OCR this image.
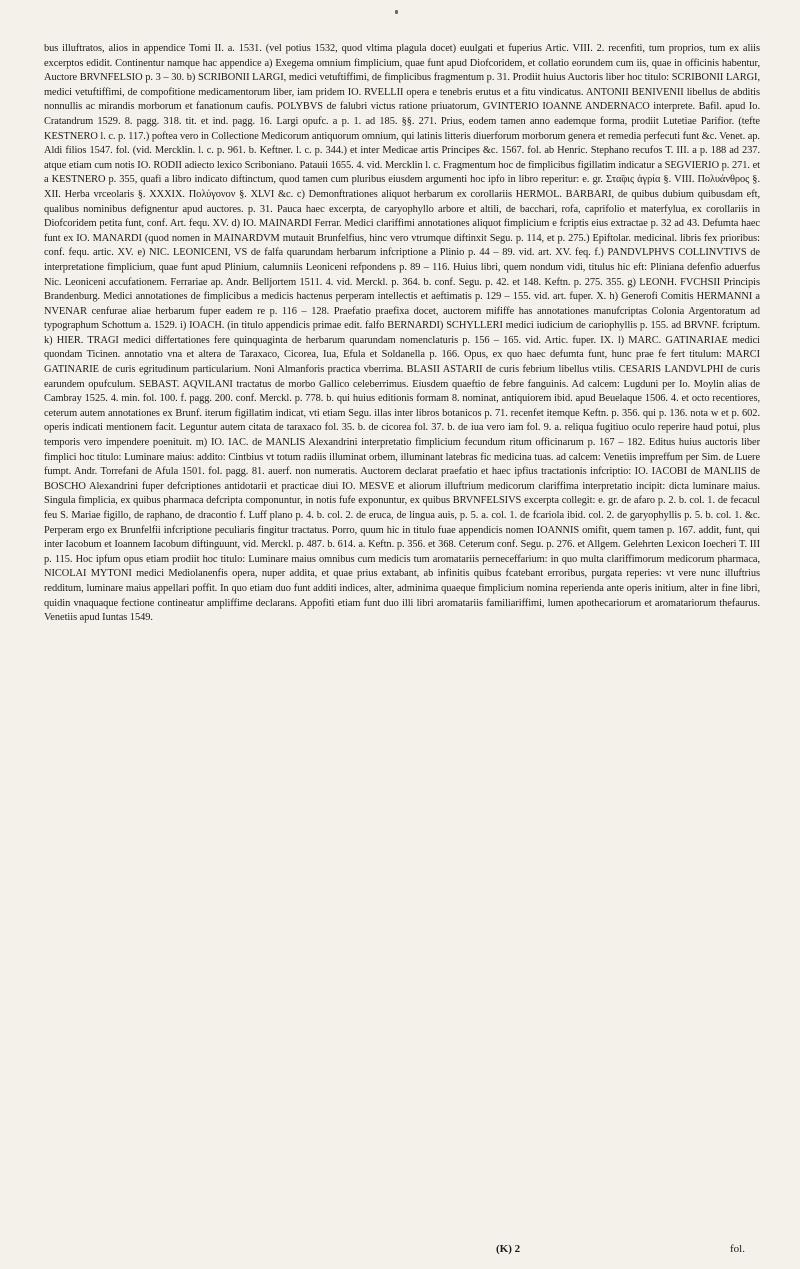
bus illuftratos, alios in appendice Tomi II. a. 1531. (vel potius 1532, quod vltima plagula docet) euulgati et fuperius Artic. VIII. 2. recenfiti, tum proprios, tum ex aliis excerptos edidit. Continentur namque hac appendice a) Exegema omnium fimplicium, quae funt apud Diofcoridem, et collatio eorundem cum iis, quae in officinis habentur, Auctore BRVNFELSIO p. 3 – 30. b) SCRIBONII LARGI, medici vetuftiffimi, de fimplicibus fragmentum p. 31. Prodiit huius Auctoris liber hoc titulo: SCRIBONII LARGI, medici vetuftiffimi, de compofitione medicamentorum liber, iam pridem IO. RVELLII opera e tenebris erutus et a fitu vindicatus. ANTONII BENIVENII libellus de abditis nonnullis ac mirandis morborum et fanationum caufis. POLYBVS de falubri victus ratione priuatorum, GVINTERIO IOANNE ANDERNACO interprete. Bafil. apud Io. Cratandrum 1529. 8. pagg. 318. tit. et ind. pagg. 16. Largi opufc. a p. 1. ad 185. §§. 271. Prius, eodem tamen anno eademque forma, prodiit Lutetiae Parifior. (tefte KESTNERO l. c. p. 117.) poftea vero in Collectione Medicorum antiquorum omnium, qui latinis litteris diuerforum morborum genera et remedia perfecuti funt &c. Venet. ap. Aldi filios 1547. fol. (vid. Mercklin. l. c. p. 961. b. Keftner. l. c. p. 344.) et inter Medicae artis Principes &c. 1567. fol. ab Henric. Stephano recufos T. III. a p. 188 ad 237. atque etiam cum notis IO. RODII adiecto lexico Scriboniano. Patauii 1655. 4. vid. Mercklin l. c. Fragmentum hoc de fimplicibus figillatim indicatur a SEGVIERIO p. 271. et a KESTNERO p. 355, quafi a libro indicato diftinctum, quod tamen cum pluribus eiusdem argumenti hoc ipfo in libro reperitur: e. gr. Στα̃φις ἀγρία §. VIII. Πολυάνθρος §. XII. Herba vrceolaris §. XXXIX. Πολύγονον §. XLVI &c. c) Demonftrationes aliquot herbarum ex corollariis HERMOL. BARBARI, de quibus dubium quibusdam eft, qualibus nominibus defignentur apud auctores. p. 31. Pauca haec excerpta, de caryophyllo arbore et altili, de bacchari, rofa, caprifolio et materfylua, ex corollariis in Diofcoridem petita funt, conf. Art. fequ. XV. d) IO. MAINARDI Ferrar. Medici clariffimi annotationes aliquot fimplicium e fcriptis eius extractae p. 32 ad 43. Defumta haec funt ex IO. MANARDI (quod nomen in MAINARDVM mutauit Brunfelfius, hinc vero vtrumque diftinxit Segu. p. 114, et p. 275.) Epiftolar. medicinal. libris fex prioribus: conf. fequ. artic. XV. e) NIC. LEONICENI, VS de falfa quarundam herbarum infcriptione a Plinio p. 44 – 89. vid. art. XV. feq. f.) PANDVLPHVS COLLINVTIVS de interpretatione fimplicium, quae funt apud Plinium, calumniis Leoniceni refpondens p. 89 – 116. Huius libri, quem nondum vidi, titulus hic eft: Pliniana defenfio aduerfus Nic. Leoniceni accufationem. Ferrariae ap. Andr. Belljortem 1511. 4. vid. Merckl. p. 364. b. conf. Segu. p. 42. et 148. Keftn. p. 275. 355. g) LEONH. FVCHSII Principis Brandenburg. Medici annotationes de fimplicibus a medicis hactenus perperam intellectis et aeftimatis p. 129 – 155. vid. art. fuper. X. h) Generofi Comitis HERMANNI a NVENAR cenfurae aliae herbarum fuper eadem re p. 116 – 128. Praefatio praefixa docet, auctorem mififfe has annotationes manufcriptas Colonia Argentoratum ad typographum Schottum a. 1529. i) IOACH. (in titulo appendicis primae edit. falfo BERNARDI) SCHYLLERI medici iudicium de cariophyllis p. 155. ad BRVNF. fcriptum. k) HIER. TRAGI medici differtationes fere quinquaginta de herbarum quarundam nomenclaturis p. 156 – 165. vid. Artic. fuper. IX. l) MARC. GATINARIAE medici quondam Ticinen. annotatio vna et altera de Taraxaco, Cicorea, Iua, Efula et Soldanella p. 166. Opus, ex quo haec defumta funt, hunc prae fe fert titulum: MARCI GATINARIE de curis egritudinum particularium. Noni Almanforis practica vberrima. BLASII ASTARII de curis febrium libellus vtilis. CESARIS LANDVLPHI de curis earundem opufculum. SEBAST. AQVILANI tractatus de morbo Gallico celeberrimus. Eiusdem quaeftio de febre fanguinis. Ad calcem: Lugduni per Io. Moylin alias de Cambray 1525. 4. min. fol. 100. f. pagg. 200. conf. Merckl. p. 778. b. qui huius editionis formam 8. nominat, antiquiorem ibid. apud Beuelaque 1506. 4. et octo recentiores, ceterum autem annotationes ex Brunf. iterum figillatim indicat, vti etiam Segu. illas inter libros botanicos p. 71. recenfet itemque Keftn. p. 356. qui p. 136. nota w et p. 602. operis indicati mentionem facit. Leguntur autem citata de taraxaco fol. 35. b. de cicorea fol. 37. b. de iua vero iam fol. 9. a. reliqua fugitiuo oculo reperire haud potui, plus temporis vero impendere poenituit. m) IO. IAC. de MANLIS Alexandrini interpretatio fimplicium fecundum ritum officinarum p. 167 – 182. Editus huius auctoris liber fimplici hoc titulo: Luminare maius: addito: Cintbius vt totum radiis illuminat orbem, illuminant latebras fic medicina tuas. ad calcem: Venetiis impreffum per Sim. de Luere fumpt. Andr. Torrefani de Afula 1501. fol. pagg. 81. auerf. non numeratis. Auctorem declarat praefatio et haec ipfius tractationis infcriptio: IO. IACOBI de MANLIIS de BOSCHO Alexandrini fuper defcriptiones antidotarii et practicae diui IO. MESVE et aliorum illuftrium medicorum clariffima interpretatio incipit: dicta luminare maius. Singula fimplicia, ex quibus pharmaca defcripta componuntur, in notis fufe exponuntur, ex quibus BRVNFELSIVS excerpta collegit: e. gr. de afaro p. 2. b. col. 1. de fecacul feu S. Mariae figillo, de raphano, de dracontio f. Luff plano p. 4. b. col. 2. de eruca, de lingua auis, p. 5. a. col. 1. de fcariola ibid. col. 2. de garyophyllis p. 5. b. col. 1. &c. Perperam ergo ex Brunfelfii infcriptione peculiaris fingitur tractatus. Porro, quum hic in titulo fuae appendicis nomen IOANNIS omifit, quem tamen p. 167. addit, funt, qui inter Iacobum et Ioannem Iacobum diftinguunt, vid. Merckl. p. 487. b. 614. a. Keftn. p. 356. et 368. Ceterum conf. Segu. p. 276. et Allgem. Gelehrten Lexicon Ioecheri T. III p. 115. Hoc ipfum opus etiam prodiit hoc titulo: Luminare maius omnibus cum medicis tum aromatariis perneceffarium: in quo multa clariffimorum medicorum pharmaca, NICOLAI MYTONI medici Mediolanenfis opera, nuper addita, et quae prius extabant, ab infinitis quibus fcatebant erroribus, purgata reperies: vt vere nunc illuftrius redditum, luminare maius appellari poffit. In quo etiam duo funt additi indices, alter, adminima quaeque fimplicium nomina reperienda ante operis initium, alter in fine libri, quidin vnaquaque fectione contineatur ampliffime declarans. Appofiti etiam funt duo illi libri aromatariis familiariffimi, lumen apothecariorum et aromatariorum thefaurus. Venetiis apud Iuntas 1549.

(K) 2	fol.
